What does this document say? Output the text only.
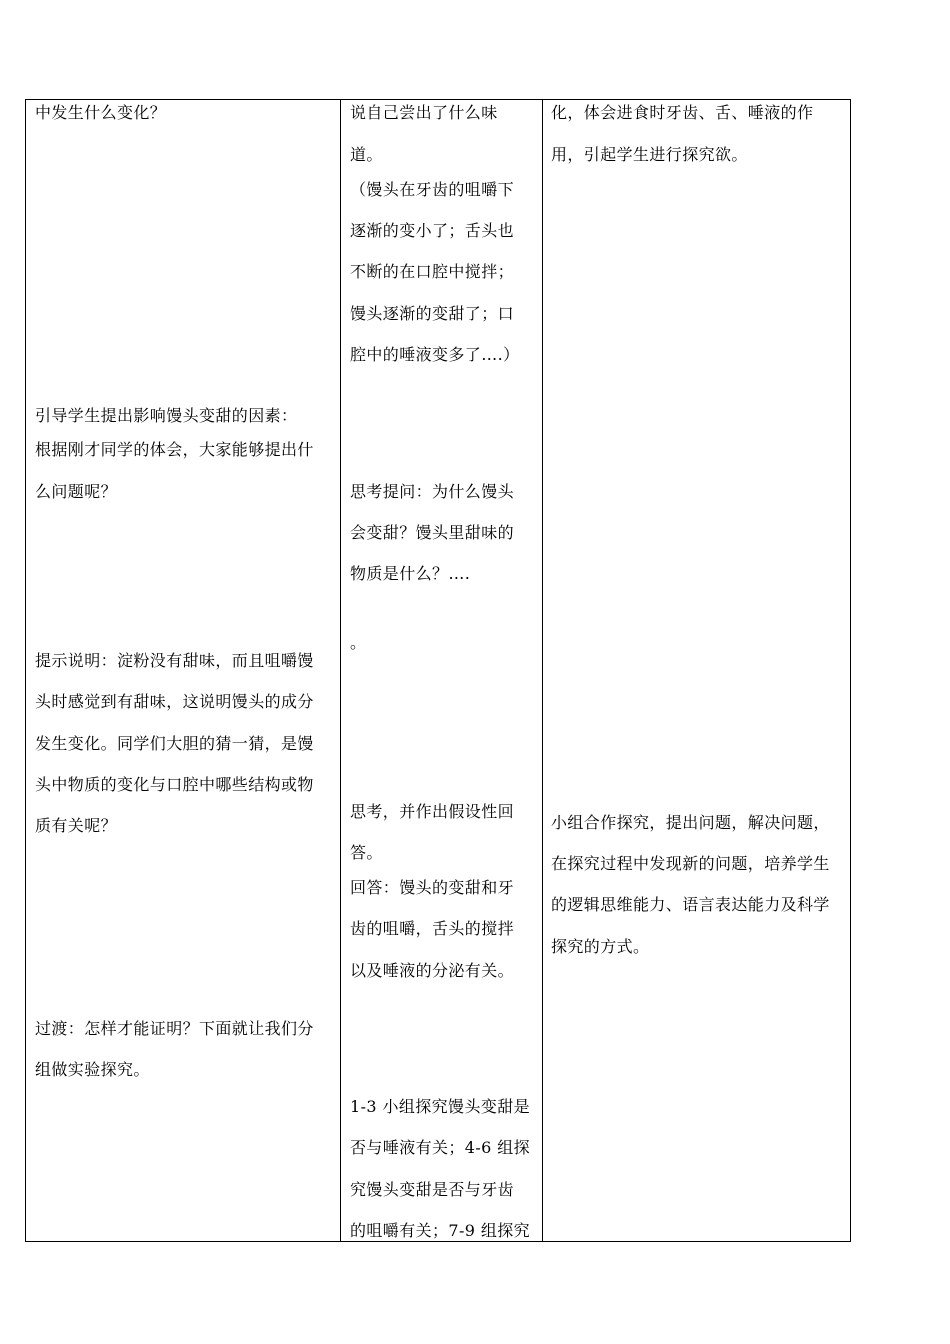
中发生什么变化？
引导学生提出影响馒头变甜的因素：
根据刚才同学的体会，大家能够提出什
么问题呢？
提示说明：淀粉没有甜味，而且咀嚼馒
头时感觉到有甜味，这说明馒头的成分
发生变化。同学们大胆的猜一猜，是馒
头中物质的变化与口腔中哪些结构或物
质有关呢？
过渡：怎样才能证明？下面就让我们分
组做实验探究。
说自己尝出了什么味
道。
（馒头在牙齿的咀嚼下
逐渐的变小了；舌头也
不断的在口腔中搅拌；
馒头逐渐的变甜了；口
腔中的唾液变多了….）
思考提问：为什么馒头
会变甜？馒头里甜味的
物质是什么？….
。
思考，并作出假设性回
答。
回答：馒头的变甜和牙
齿的咀嚼，舌头的搅拌
以及唾液的分泌有关。
1-3 小组探究馒头变甜是
否与唾液有关；4-6 组探
究馒头变甜是否与牙齿
的咀嚼有关；7-9 组探究
化，体会进食时牙齿、舌、唾液的作
用，引起学生进行探究欲。
小组合作探究，提出问题，解决问题，
在探究过程中发现新的问题，培养学生
的逻辑思维能力、语言表达能力及科学
探究的方式。
